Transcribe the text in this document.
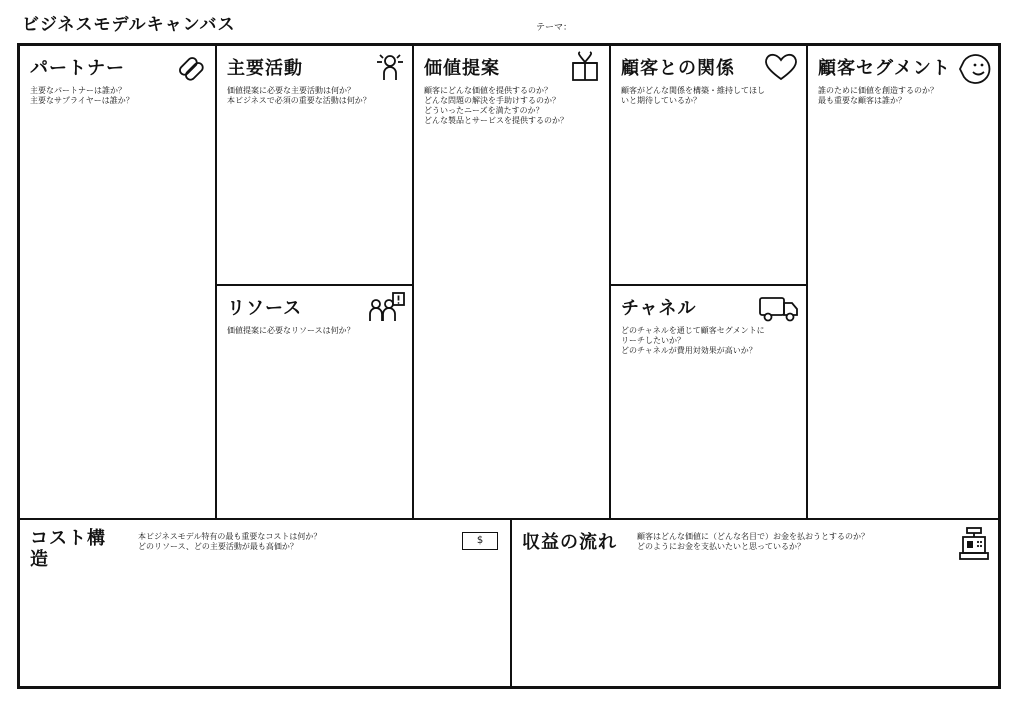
ビジネスモデルキャンバス	テーマ：
パートナー
主要なパートナーは誰か？
主要なサプライヤーは誰か？
主要活動
価値提案に必要な主要活動は何か？
本ビジネスで必須の重要な活動は何か？
リソース
価値提案に必要なリソースは何か？
価値提案
顧客にどんな価値を提供するのか？
どんな問題の解決を手助けするのか？
どういったニーズを満たすのか？
どんな製品とサービスを提供するのか？
顧客との関係
顧客がどんな関係を構築・維持してほし
いと期待しているか？
チャネル
どのチャネルを通じて顧客セグメントに
リーチしたいか？
どのチャネルが費用対効果が高いか？
顧客セグメント
誰のために価値を創造するのか？
最も重要な顧客は誰か？
コスト構
造
本ビジネスモデル特有の最も重要なコストは何か？
どのリソース、どの主要活動が最も高価か？
$	収益の流れ	顧客はどんな価値に（どんな名目で）お金を払おうとするのか？
どのようにお金を支払いたいと思っているか？
